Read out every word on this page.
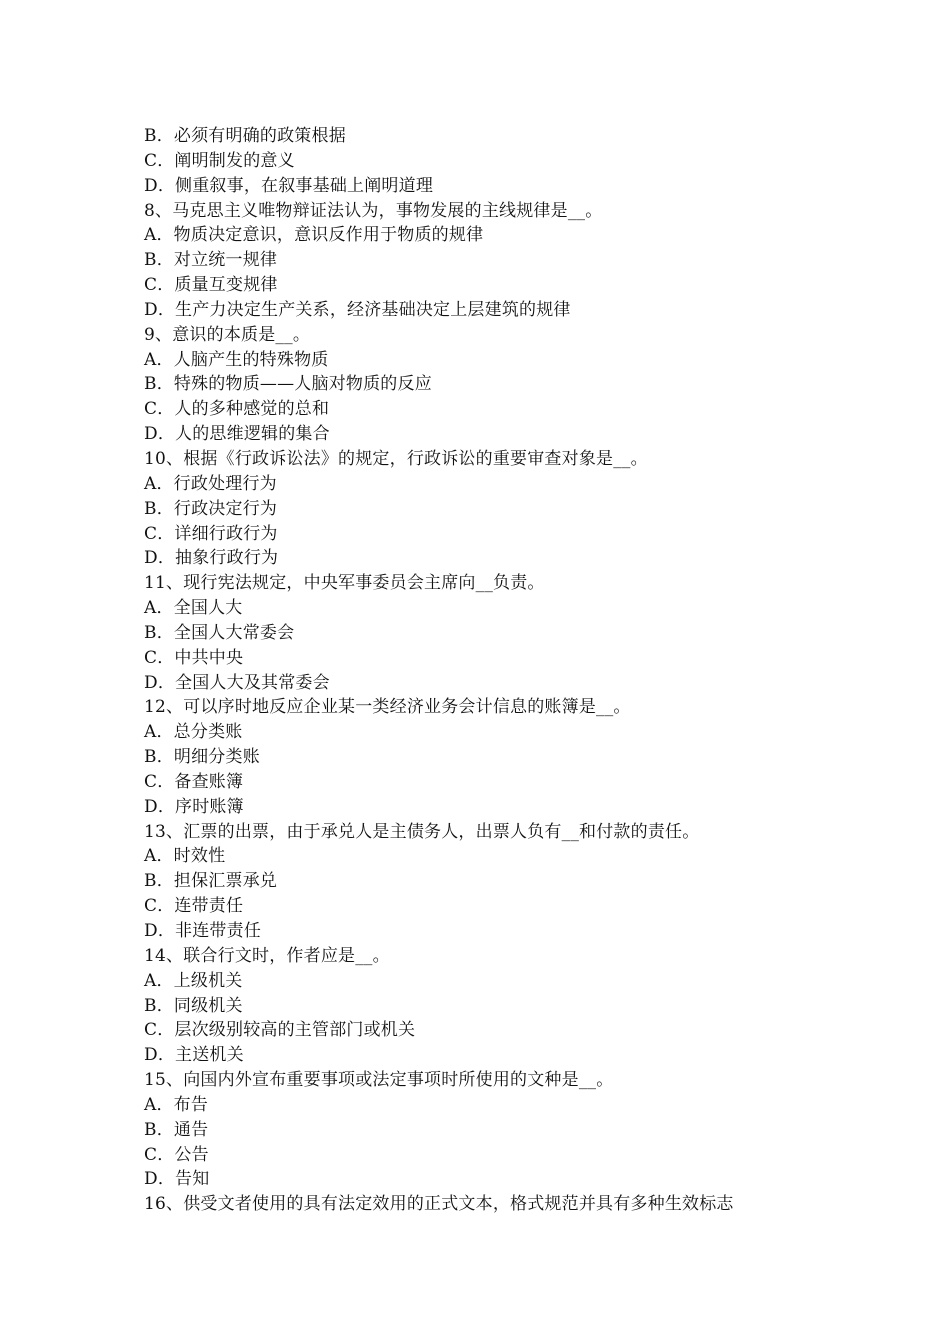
B．必须有明确的政策根据
C．阐明制发的意义
D．侧重叙事，在叙事基础上阐明道理
8、马克思主义唯物辩证法认为，事物发展的主线规律是__。
A．物质决定意识，意识反作用于物质的规律
B．对立统一规律
C．质量互变规律
D．生产力决定生产关系，经济基础决定上层建筑的规律
9、意识的本质是__。
A．人脑产生的特殊物质
B．特殊的物质——人脑对物质的反应
C．人的多种感觉的总和
D．人的思维逻辑的集合
10、根据《行政诉讼法》的规定，行政诉讼的重要审查对象是__。
A．行政处理行为
B．行政决定行为
C．详细行政行为
D．抽象行政行为
11、现行宪法规定，中央军事委员会主席向__负责。
A．全国人大
B．全国人大常委会
C．中共中央
D．全国人大及其常委会
12、可以序时地反应企业某一类经济业务会计信息的账簿是__。
A．总分类账
B．明细分类账
C．备查账簿
D．序时账簿
13、汇票的出票，由于承兑人是主债务人，出票人负有__和付款的责任。
A．时效性
B．担保汇票承兑
C．连带责任
D．非连带责任
14、联合行文时，作者应是__。
A．上级机关
B．同级机关
C．层次级别较高的主管部门或机关
D．主送机关
15、向国内外宣布重要事项或法定事项时所使用的文种是__。
A．布告
B．通告
C．公告
D．告知
16、供受文者使用的具有法定效用的正式文本，格式规范并具有多种生效标志
